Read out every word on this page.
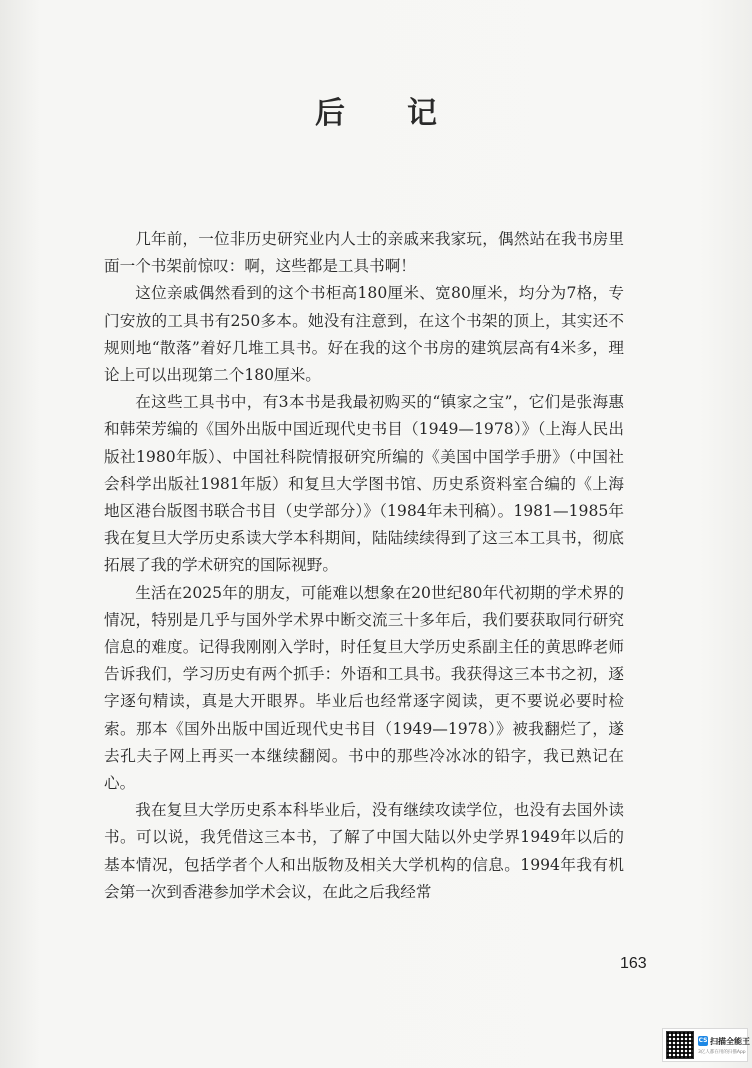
后记

几年前，一位非历史研究业内人士的亲戚来我家玩，偶然站在我书房里面一个书架前惊叹：啊，这些都是工具书啊！

这位亲戚偶然看到的这个书柜高180厘米、宽80厘米，均分为7格，专门安放的工具书有250多本。她没有注意到，在这个书架的顶上，其实还不规则地“散落”着好几堆工具书。好在我的这个书房的建筑层高有4米多，理论上可以出现第二个180厘米。

在这些工具书中，有3本书是我最初购买的“镇家之宝”，它们是张海惠和韩荣芳编的《国外出版中国近现代史书目（1949—1978）》（上海人民出版社1980年版）、中国社科院情报研究所编的《美国中国学手册》（中国社会科学出版社1981年版）和复旦大学图书馆、历史系资料室合编的《上海地区港台版图书联合书目（史学部分）》（1984年未刊稿）。1981—1985年我在复旦大学历史系读大学本科期间，陆陆续续得到了这三本工具书，彻底拓展了我的学术研究的国际视野。

生活在2025年的朋友，可能难以想象在20世纪80年代初期的学术界的情况，特别是几乎与国外学术界中断交流三十多年后，我们要获取同行研究信息的难度。记得我刚刚入学时，时任复旦大学历史系副主任的黄思晔老师告诉我们，学习历史有两个抓手：外语和工具书。我获得这三本书之初，逐字逐句精读，真是大开眼界。毕业后也经常逐字阅读，更不要说必要时检索。那本《国外出版中国近现代史书目（1949—1978）》被我翻烂了，遂去孔夫子网上再买一本继续翻阅。书中的那些冷冰冰的铅字，我已熟记在心。

我在复旦大学历史系本科毕业后，没有继续攻读学位，也没有去国外读书。可以说，我凭借这三本书，了解了中国大陆以外史学界1949年以后的基本情况，包括学者个人和出版物及相关大学机构的信息。1994年我有机会第一次到香港参加学术会议，在此之后我经常

163
CS 扫描全能王
3亿人都在用的扫描App
